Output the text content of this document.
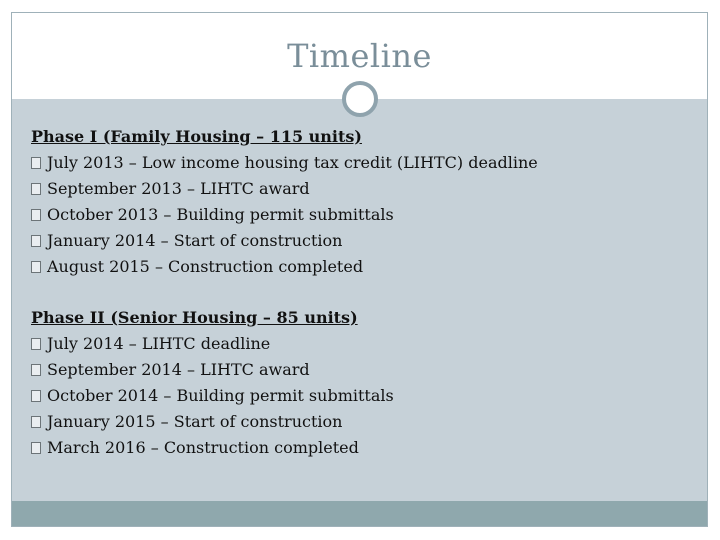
Timeline
Phase I (Family Housing – 115 units)
July 2013 – Low income housing tax credit (LIHTC) deadline
September 2013 – LIHTC award
October 2013 – Building permit submittals
January 2014 – Start of construction
August 2015 – Construction completed
Phase II (Senior Housing – 85 units)
July 2014 – LIHTC deadline
September 2014 – LIHTC award
October 2014 – Building permit submittals
January 2015 – Start of construction
March 2016 – Construction completed
